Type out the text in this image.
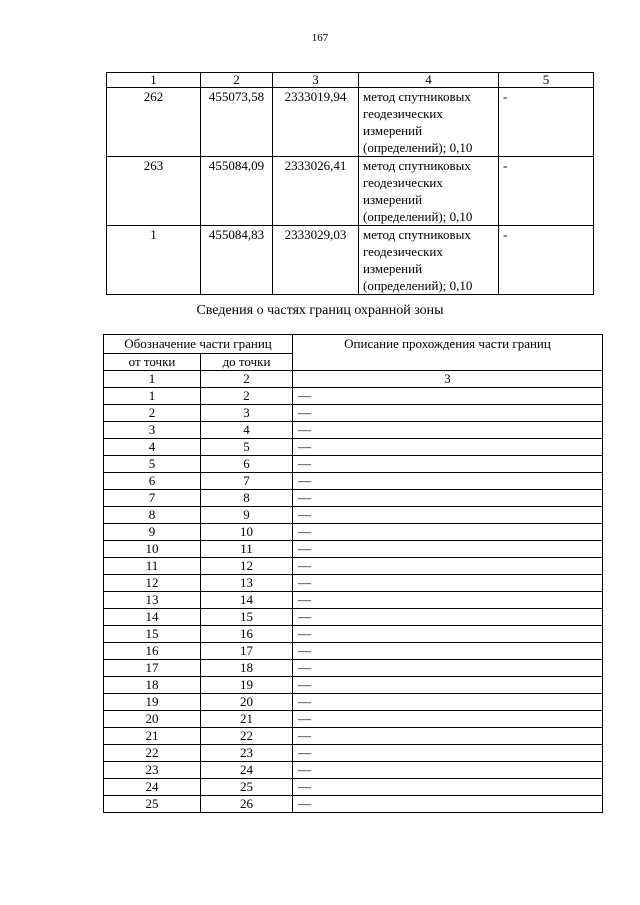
167
1	2	3	4	5
262	455073,58	2333019,94	метод спутниковых геодезических измерений (определений); 0,10	-
263	455084,09	2333026,41	метод спутниковых геодезических измерений (определений); 0,10	-
1	455084,83	2333029,03	метод спутниковых геодезических измерений (определений); 0,10	-
Сведения о частях границ охранной зоны
Обозначение части границ		Описание прохождения части границ
от точки	до точки	
1	2	3
1	2	—
2	3	—
3	4	—
4	5	—
5	6	—
6	7	—
7	8	—
8	9	—
9	10	—
10	11	—
11	12	—
12	13	—
13	14	—
14	15	—
15	16	—
16	17	—
17	18	—
18	19	—
19	20	—
20	21	—
21	22	—
22	23	—
23	24	—
24	25	—
25	26	—
